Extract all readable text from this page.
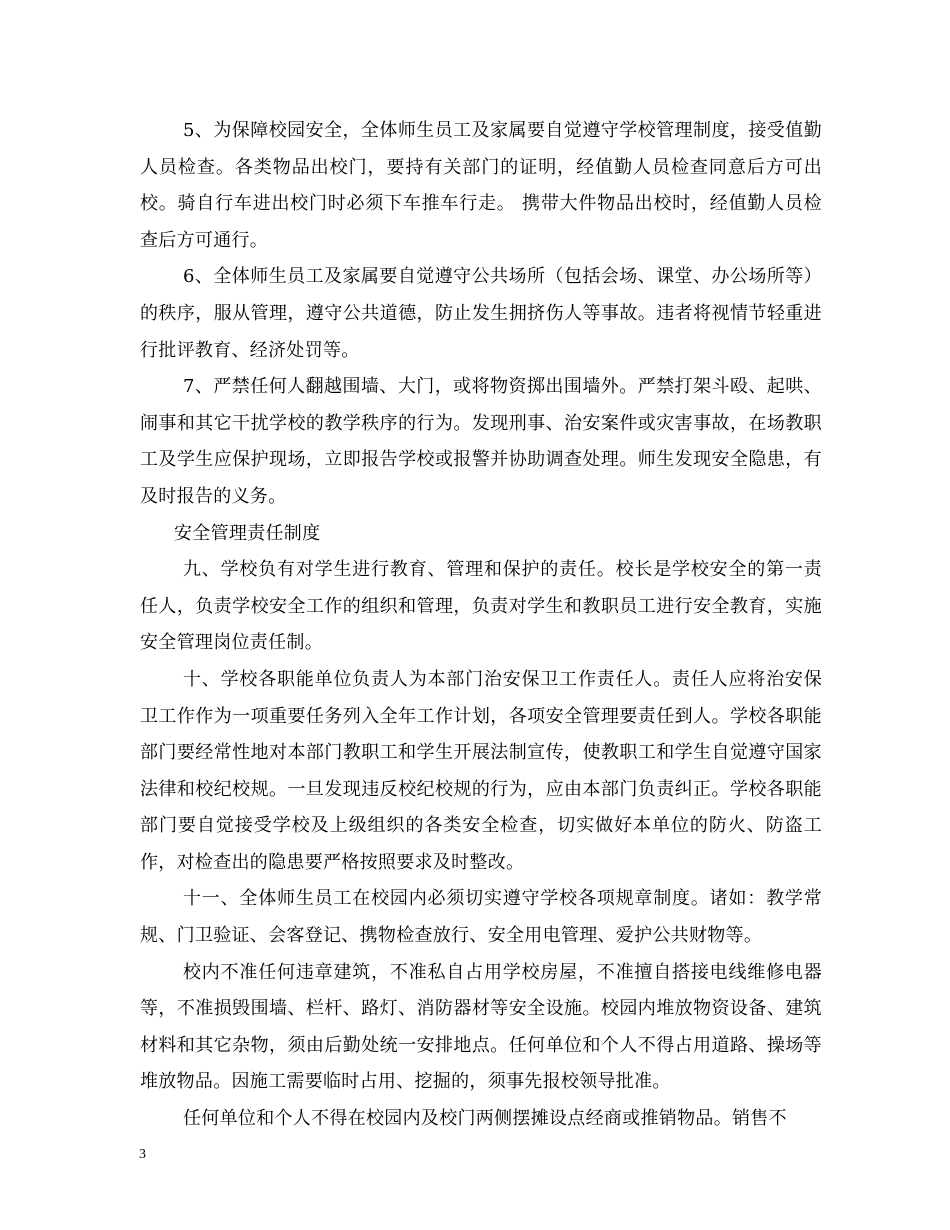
5、为保障校园安全，全体师生员工及家属要自觉遵守学校管理制度，接受值勤人员检查。各类物品出校门，要持有关部门的证明，经值勤人员检查同意后方可出校。骑自行车进出校门时必须下车推车行走。 携带大件物品出校时，经值勤人员检查后方可通行。

6、全体师生员工及家属要自觉遵守公共场所（包括会场、课堂、办公场所等）的秩序，服从管理，遵守公共道德，防止发生拥挤伤人等事故。违者将视情节轻重进行批评教育、经济处罚等。

7、严禁任何人翻越围墙、大门，或将物资掷出围墙外。严禁打架斗殴、起哄、闹事和其它干扰学校的教学秩序的行为。发现刑事、治安案件或灾害事故，在场教职工及学生应保护现场，立即报告学校或报警并协助调查处理。师生发现安全隐患，有及时报告的义务。

安全管理责任制度

九、学校负有对学生进行教育、管理和保护的责任。校长是学校安全的第一责任人，负责学校安全工作的组织和管理，负责对学生和教职员工进行安全教育，实施安全管理岗位责任制。

十、学校各职能单位负责人为本部门治安保卫工作责任人。责任人应将治安保卫工作作为一项重要任务列入全年工作计划，各项安全管理要责任到人。学校各职能部门要经常性地对本部门教职工和学生开展法制宣传，使教职工和学生自觉遵守国家法律和校纪校规。一旦发现违反校纪校规的行为，应由本部门负责纠正。学校各职能部门要自觉接受学校及上级组织的各类安全检查，切实做好本单位的防火、防盗工作，对检查出的隐患要严格按照要求及时整改。

十一、全体师生员工在校园内必须切实遵守学校各项规章制度。诸如：教学常规、门卫验证、会客登记、携物检查放行、安全用电管理、爱护公共财物等。

校内不准任何违章建筑，不准私自占用学校房屋，不准擅自搭接电线维修电器等，不准损毁围墙、栏杆、路灯、消防器材等安全设施。校园内堆放物资设备、建筑材料和其它杂物，须由后勤处统一安排地点。任何单位和个人不得占用道路、操场等堆放物品。因施工需要临时占用、挖掘的，须事先报校领导批准。

任何单位和个人不得在校园内及校门两侧摆摊设点经商或推销物品。销售不

3
